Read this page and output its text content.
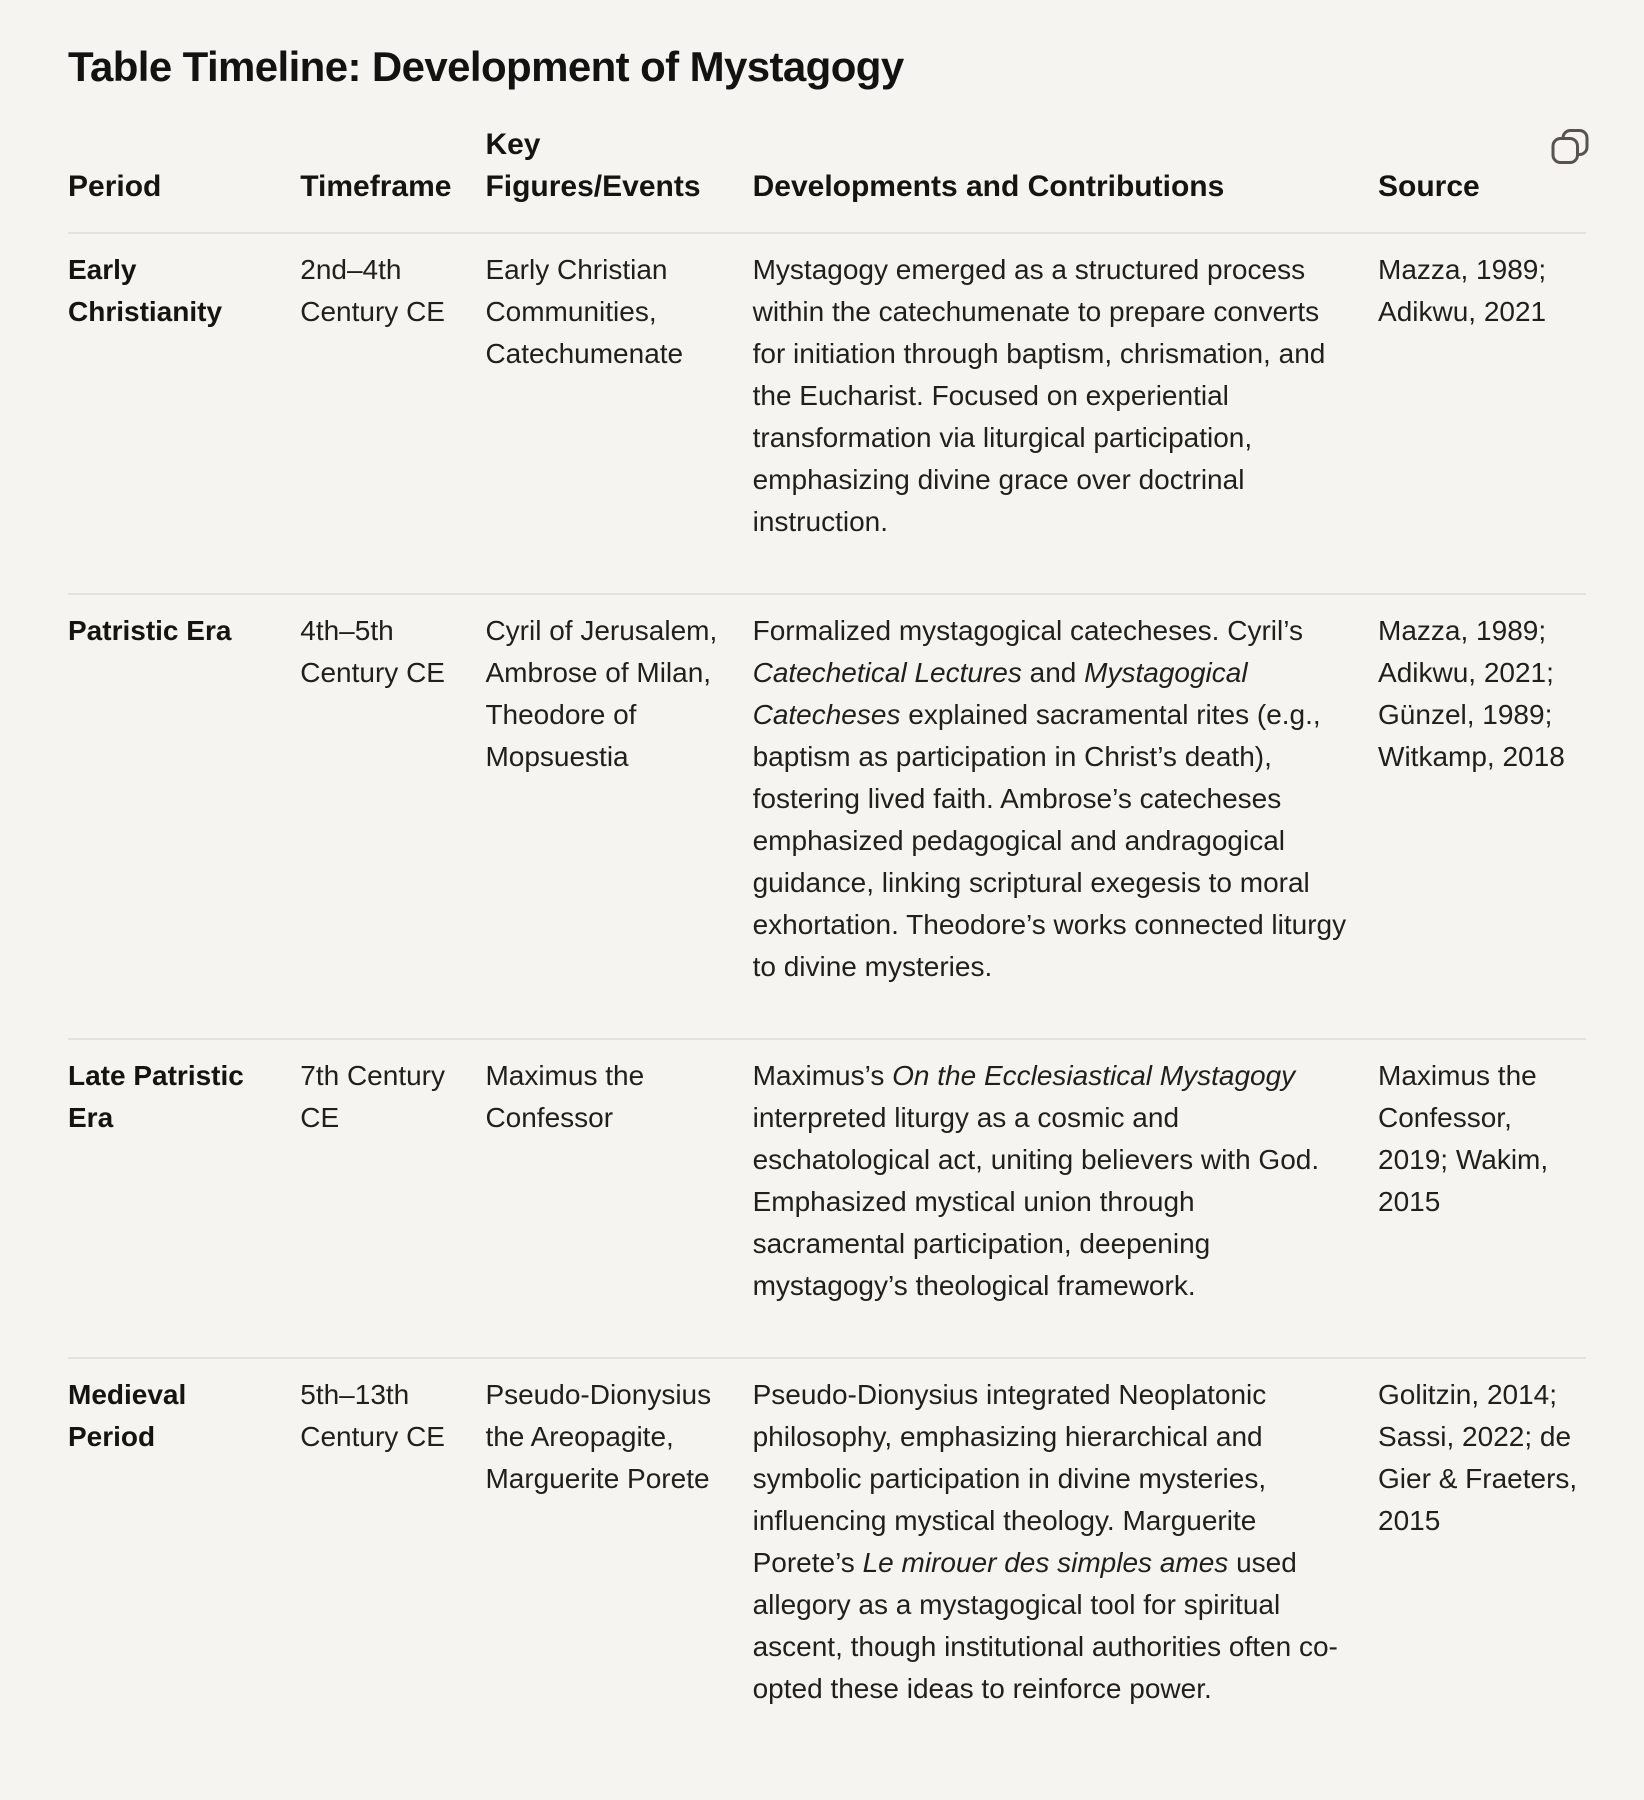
Table Timeline: Development of Mystagogy
Period	Timeframe	Key Figures/Events	Developments and Contributions	Source
Early Christianity	2nd–4th Century CE	Early Christian Communities, Catechumenate	Mystagogy emerged as a structured process within the catechumenate to prepare converts for initiation through baptism, chrismation, and the Eucharist. Focused on experiential transformation via liturgical participation, emphasizing divine grace over doctrinal instruction.	Mazza, 1989; Adikwu, 2021
Patristic Era	4th–5th Century CE	Cyril of Jerusalem, Ambrose of Milan, Theodore of Mopsuestia	Formalized mystagogical catecheses. Cyril’s Catechetical Lectures and Mystagogical Catecheses explained sacramental rites (e.g., baptism as participation in Christ’s death), fostering lived faith. Ambrose’s catecheses emphasized pedagogical and andragogical guidance, linking scriptural exegesis to moral exhortation. Theodore’s works connected liturgy to divine mysteries.	Mazza, 1989; Adikwu, 2021; Günzel, 1989; Witkamp, 2018
Late Patristic Era	7th Century CE	Maximus the Confessor	Maximus’s On the Ecclesiastical Mystagogy interpreted liturgy as a cosmic and eschatological act, uniting believers with God. Emphasized mystical union through sacramental participation, deepening mystagogy’s theological framework.	Maximus the Confessor, 2019; Wakim, 2015
Medieval Period	5th–13th Century CE	Pseudo-Dionysius the Areopagite, Marguerite Porete	Pseudo-Dionysius integrated Neoplatonic philosophy, emphasizing hierarchical and symbolic participation in divine mysteries, influencing mystical theology. Marguerite Porete’s Le mirouer des simples ames used allegory as a mystagogical tool for spiritual ascent, though institutional authorities often co-opted these ideas to reinforce power.	Golitzin, 2014; Sassi, 2022; de Gier & Fraeters, 2015
